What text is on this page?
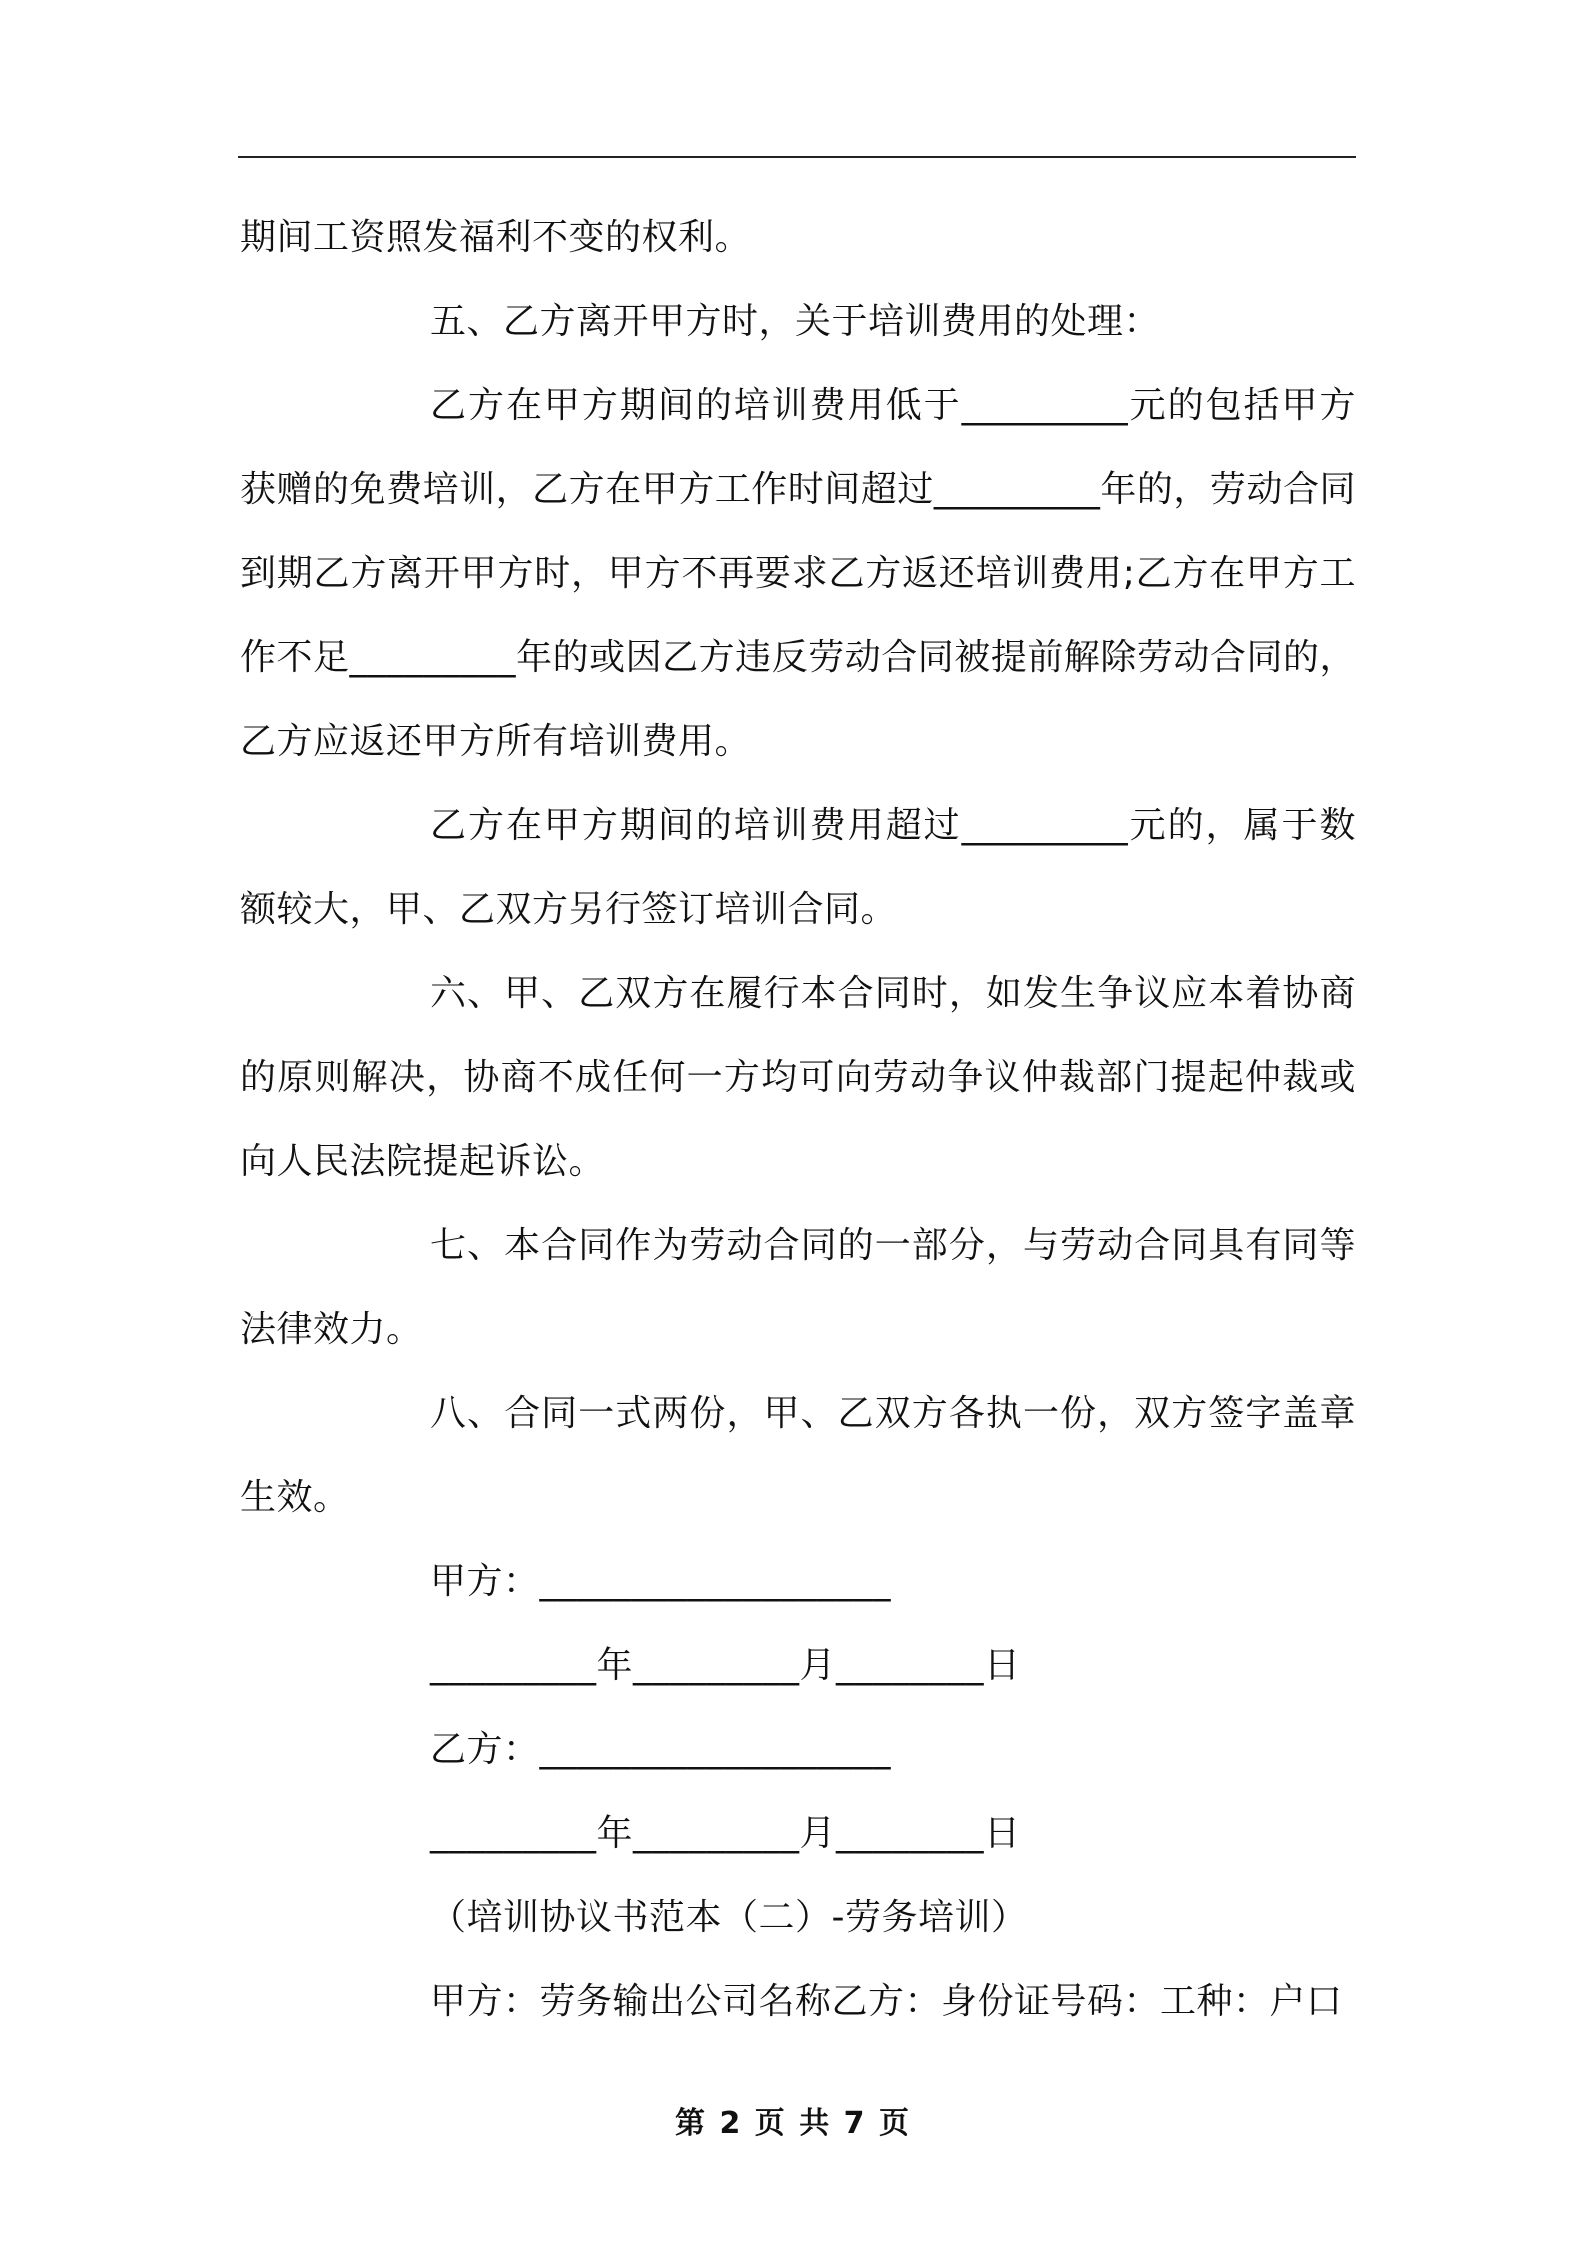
期间工资照发福利不变的权利。

五、乙方离开甲方时，关于培训费用的处理：

乙方在甲方期间的培训费用低于_________元的包括甲方获赠的免费培训，乙方在甲方工作时间超过_________年的，劳动合同到期乙方离开甲方时，甲方不再要求乙方返还培训费用;乙方在甲方工作不足_________年的或因乙方违反劳动合同被提前解除劳动合同的，乙方应返还甲方所有培训费用。

乙方在甲方期间的培训费用超过_________元的，属于数额较大，甲、乙双方另行签订培训合同。

六、甲、乙双方在履行本合同时，如发生争议应本着协商的原则解决，协商不成任何一方均可向劳动争议仲裁部门提起仲裁或向人民法院提起诉讼。

七、本合同作为劳动合同的一部分，与劳动合同具有同等法律效力。

八、合同一式两份，甲、乙双方各执一份，双方签字盖章生效。

甲方：___________________

_________年_________月________日

乙方：___________________

_________年_________月________日

（培训协议书范本（二）-劳务培训）

甲方：劳务输出公司名称乙方：身份证号码：工种：户口

第 2 页 共 7 页
